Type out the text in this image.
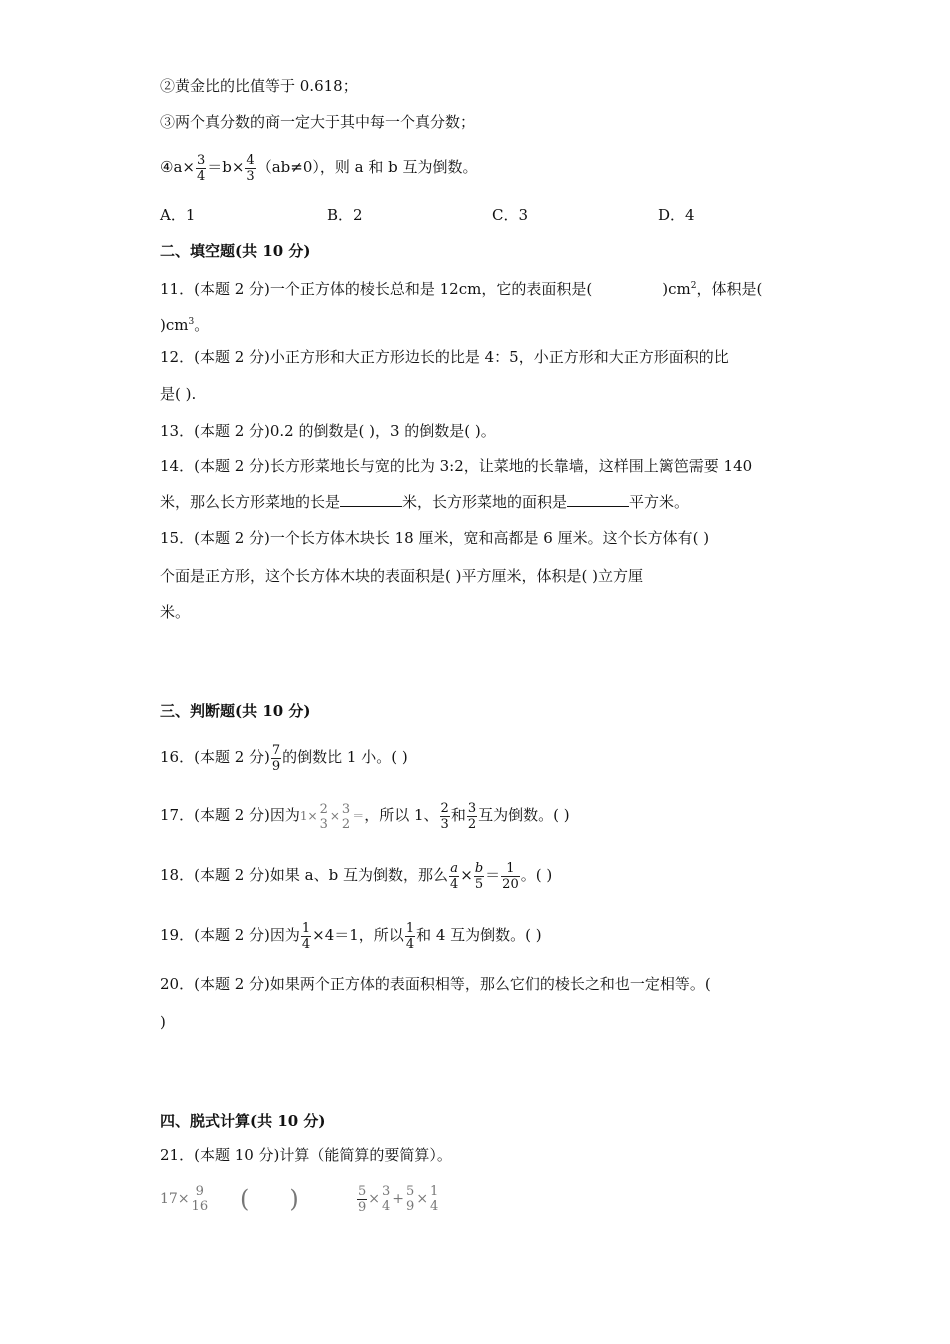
②黄金比的比值等于 0.618；
③两个真分数的商一定大于其中每一个真分数；
④a× $\frac{3}{4} =b\times \frac{4}{3} (ab\ne 0)$，则 a 和 b 互为倒数。
A．1	B．2	C．3	D．4
二、填空题(共 10 分)
11．(本题 2 分)一个正方体的棱长总和是 12cm，它的表面积是(	)$cm^2$，体积是(
)$cm^3$。
12．(本题 2 分)小正方形和大正方形边长的比是 4：5，小正方形和大正方形面积的比
是( ).
13．(本题 2 分)0.2 的倒数是( )，3 的倒数是( )。
14．(本题 2 分)长方形菜地长与宽的比为 3:2，让菜地的长靠墙，这样围上篱笆需要 140
米，那么长方形菜地的长是	米，长方形菜地的面积是	平方米。
15．(本题 2 分)一个长方体木块长 18 厘米，宽和高都是 6 厘米。这个长方体有( )
个面是正方形，这个长方体木块的表面积是( )平方厘米，体积是( )立方厘
米。
三、判断题(共 10 分)
16．(本题 2 分) $\frac{7}{9}$ 的倒数比 1 小。( )
17．(本题 2 分)因为1× 2
3
× 3
2
＝，所以 1、 $\frac{2}{3}$ 和 $\frac{3}{2}$ 互为倒数。( )
18．(本题 2 分)如果 a、b 互为倒数，那么 $\frac{a}{4} \times \frac{b}{5} = \frac{1}{20}$ 。( )
19．(本题 2 分)因为 $\frac{1}{4} \times 4=1$，所以 $\frac{1}{4}$ 和 4 互为倒数。( )
20．(本题 2 分)如果两个正方体的表面积相等，那么它们的棱长之和也一定相等。(
)
四、脱式计算(共 10 分)
21．(本题 10 分)计算（能简算的要简算）。
17× 9
16 ( )	$\frac{5}{9} \times 3$
4 + 5
9 × 1
4
